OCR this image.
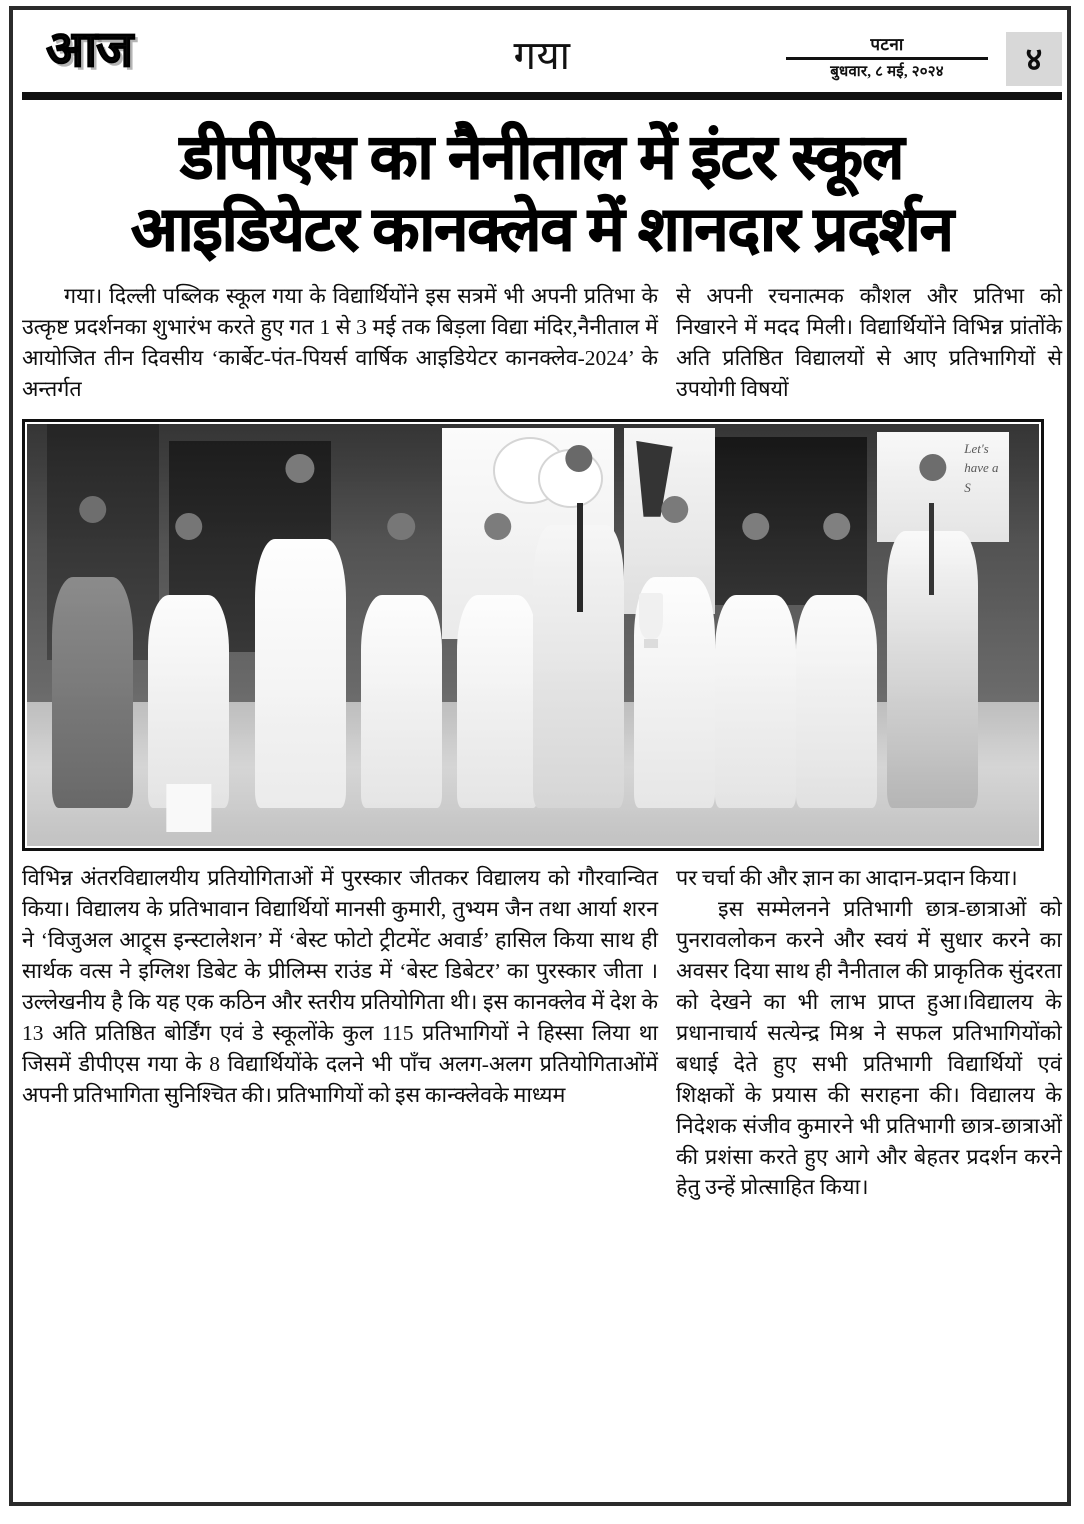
आज	गया	पटना
बुधवार, ८ मई, २०२४	४
डीपीएस का नैनीताल में इंटर स्कूल
आइडियेटर कानक्लेव में शानदार प्रदर्शन

गया। दिल्ली पब्लिक स्कूल गया के विद्यार्थियोंने इस सत्रमें भी अपनी प्रतिभा के उत्कृष्ट प्रदर्शनका शुभारंभ करते हुए गत 1 से 3 मई तक बिड़ला विद्या मंदिर,नैनीताल में आयोजित तीन दिवसीय ‘कार्बेट-पंत-पियर्स वार्षिक आइडियेटर कानक्लेव-2024’ के अन्तर्गत

से अपनी रचनात्मक कौशल और प्रतिभा को निखारने में मदद मिली। विद्यार्थियोंने विभिन्न प्रांतोंके अति प्रतिष्ठित विद्यालयों से आए प्रतिभागियों से उपयोगी विषयों

Let's
have a
S

विभिन्न अंतरविद्यालयीय प्रतियोगिताओं में पुरस्कार जीतकर विद्यालय को गौरवान्वित किया। विद्यालय के प्रतिभावान विद्यार्थियों मानसी कुमारी, तुभ्यम जैन तथा आर्या शरन ने ‘विजुअल आट्र्स इन्स्टालेशन’ में ‘बेस्ट फोटो ट्रीटमेंट अवार्ड’ हासिल किया साथ ही सार्थक वत्स ने इग्लिश डिबेट के प्रीलिम्स राउंड में ‘बेस्ट डिबेटर’ का पुरस्कार जीता ।उल्लेखनीय है कि यह एक कठिन और स्तरीय प्रतियोगिता थी। इस कानक्लेव में देश के 13 अति प्रतिष्ठित बोर्डिंग एवं डे स्कूलोंके कुल 115 प्रतिभागियों ने हिस्सा लिया था जिसमें डीपीएस गया के 8 विद्यार्थियोंके दलने भी पाँच अलग-अलग प्रतियोगिताओंमें अपनी प्रतिभागिता सुनिश्चित की। प्रतिभागियों को इस कान्क्लेवके माध्यम

पर चर्चा की और ज्ञान का आदान-प्रदान किया।

इस सम्मेलनने प्रतिभागी छात्र-छात्राओं को पुनरावलोकन करने और स्वयं में सुधार करने का अवसर दिया साथ ही नैनीताल की प्राकृतिक सुंदरता को देखने का भी लाभ प्राप्त हुआ।विद्यालय के प्रधानाचार्य सत्येन्द्र मिश्र ने सफल प्रतिभागियोंको बधाई देते हुए सभी प्रतिभागी विद्यार्थियों एवं शिक्षकों के प्रयास की सराहना की। विद्यालय के निदेशक संजीव कुमारने भी प्रतिभागी छात्र-छात्राओं की प्रशंसा करते हुए आगे और बेहतर प्रदर्शन करने हेतु उन्हें प्रोत्साहित किया।
